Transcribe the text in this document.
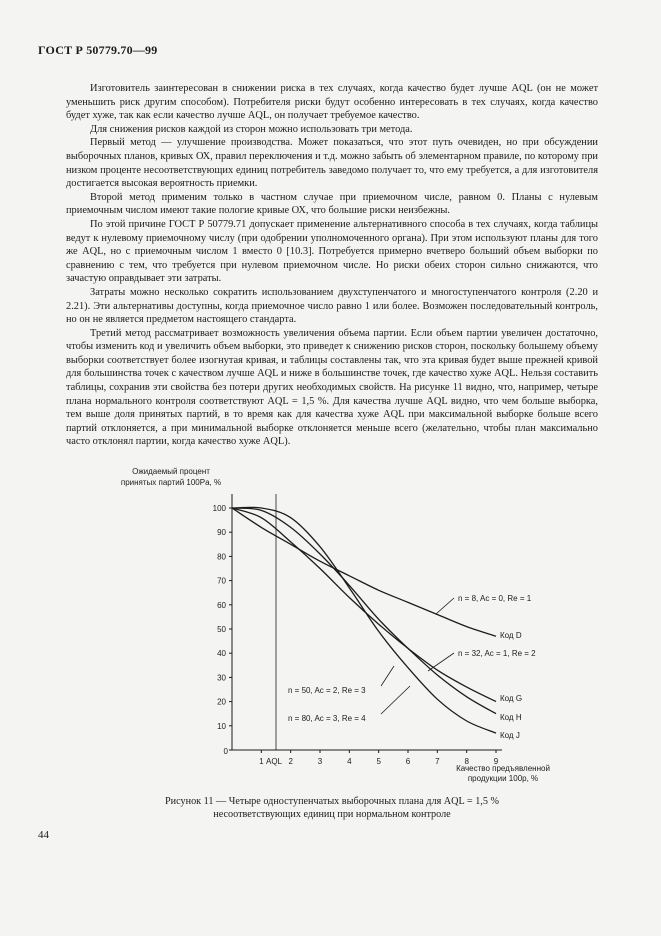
ГОСТ Р 50779.70—99

Изготовитель заинтересован в снижении риска в тех случаях, когда качество будет лучше AQL (он не может уменьшить риск другим способом). Потребителя риски будут особенно интересовать в тех случаях, когда качество будет хуже, так как если качество лучше AQL, он получает требуемое качество.

Для снижения рисков каждой из сторон можно использовать три метода.

Первый метод — улучшение производства. Может показаться, что этот путь очевиден, но при обсуждении выборочных планов, кривых ОХ, правил переключения и т.д. можно забыть об элементарном правиле, по которому при низком проценте несоответствующих единиц потребитель заведомо получает то, что ему требуется, а для изготовителя достигается высокая вероятность приемки.

Второй метод применим только в частном случае при приемочном числе, равном 0. Планы с нулевым приемочным числом имеют такие пологие кривые ОХ, что большие риски неизбежны.

По этой причине ГОСТ Р 50779.71 допускает применение альтернативного способа в тех случаях, когда таблицы ведут к нулевому приемочному числу (при одобрении уполномоченного органа). При этом используют планы для того же AQL, но с приемочным числом 1 вместо 0 [10.3]. Потребуется примерно вчетверо больший объем выборки по сравнению с тем, что требуется при нулевом приемочном числе. Но риски обеих сторон сильно снижаются, что зачастую оправдывает эти затраты.

Затраты можно несколько сократить использованием двухступенчатого и многоступенчатого контроля (2.20 и 2.21). Эти альтернативы доступны, когда приемочное число равно 1 или более. Возможен последовательный контроль, но он не является предметом настоящего стандарта.

Третий метод рассматривает возможность увеличения объема партии. Если объем партии увеличен достаточно, чтобы изменить код и увеличить объем выборки, это приведет к снижению рисков сторон, поскольку большему объему выборки соответствует более изогнутая кривая, и таблицы составлены так, что эта кривая будет выше прежней кривой для большинства точек с качеством лучше AQL и ниже в большинстве точек, где качество хуже AQL. Нельзя составить таблицы, сохранив эти свойства без потери других необходимых свойств. На рисунке 11 видно, что, например, четыре плана нормального контроля соответствуют AQL = 1,5 %. Для качества лучше AQL видно, что чем больше выборка, тем выше доля принятых партий, в то время как для качества хуже AQL при максимальной выборке больше всего партий отклоняется, а при минимальной выборке отклоняется меньше всего (желательно, чтобы план максимально часто отклонял партии, когда качество хуже AQL).

Ожидаемый процент
принятых партий 100Pa, %
10
20
30
40
50
60
70
80
90
100
0
1	2	3	4	5	6	7	8	9
AQL
Код D
Код G
Код H
Код J
n = 8, Ac = 0, Re = 1
n = 32, Ac = 1, Re = 2
n = 50, Ac = 2, Re = 3
n = 80, Ac = 3, Re = 4
Качество предъявленной
продукции 100р, %
Рисунок 11 — Четыре одноступенчатых выборочных плана для AQL = 1,5 %
несоответствующих единиц при нормальном контроле
44
